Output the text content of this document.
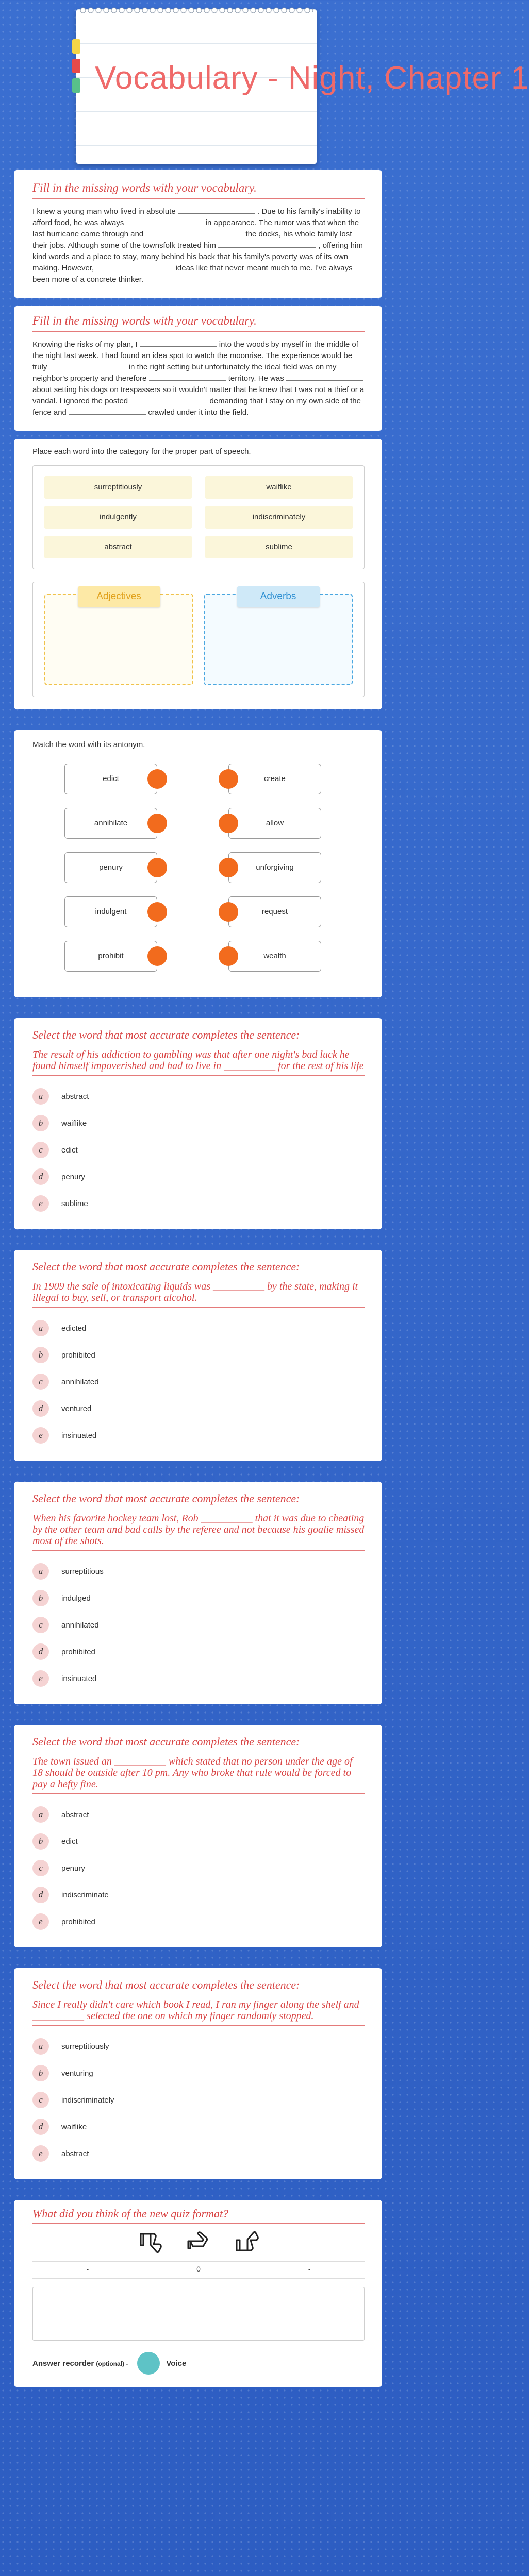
Vocabulary - Night, Chapter 1
Fill in the missing words with your vocabulary.
I knew a young man who lived in absolute	. Due to his family's inability to afford food, he was always	in appearance. The rumor was that when the last hurricane came through and	the docks, his whole family lost their jobs. Although some of the townsfolk treated him	, offering him kind words and a place to stay, many behind his back that his family's poverty was of its own making. However,	ideas like that never meant much to me. I've always been more of a concrete thinker.
Fill in the missing words with your vocabulary.
Knowing the risks of my plan, I	into the woods by myself in the middle of the night last week. I had found an idea spot to watch the moonrise. The experience would be truly	in the right setting but unfortunately the ideal field was on my neighbor's property and therefore	territory. He was  about setting his dogs on trespassers so it wouldn't matter that he knew that I was not a thief or a vandal. I ignored the posted	demanding that I stay on my own side of the fence and	crawled under it into the field.
Place each word into the category for the proper part of speech.
surreptitiously	waiflike
indulgently	indiscriminately
abstract	sublime
Adjectives	Adverbs
Match the word with its antonym.
edict	create
annihilate	allow
penury	unforgiving
indulgent	request
prohibit	wealth
Select the word that most accurate completes the sentence:
The result of his addiction to gambling was that after one night's bad luck he found himself impoverished and had to live in __________ for the rest of his life
a	abstract
b	waiflike
c	edict
d	penury
e	sublime
Select the word that most accurate completes the sentence:
In 1909 the sale of intoxicating liquids was __________ by the state, making it illegal to buy, sell, or transport alcohol.
a	edicted
b	prohibited
c	annihilated
d	ventured
e	insinuated
Select the word that most accurate completes the sentence:
When his favorite hockey team lost, Rob __________ that it was due to cheating by the other team and bad calls by the referee and not because his goalie missed most of the shots.
a	surreptitious
b	indulged
c	annihilated
d	prohibited
e	insinuated
Select the word that most accurate completes the sentence:
The town issued an __________ which stated that no person under the age of 18 should be outside after 10 pm. Any who broke that rule would be forced to pay a hefty fine.
a	abstract
b	edict
c	penury
d	indiscriminate
e	prohibited
Select the word that most accurate completes the sentence:
Since I really didn't care which book I read, I ran my finger along the shelf and __________ selected the one on which my finger randomly stopped.
a	surreptitiously
b	venturing
c	indiscriminately
d	waiflike
e	abstract
What did you think of the new quiz format?
-	0	-
Answer recorder (optional) -	Voice
